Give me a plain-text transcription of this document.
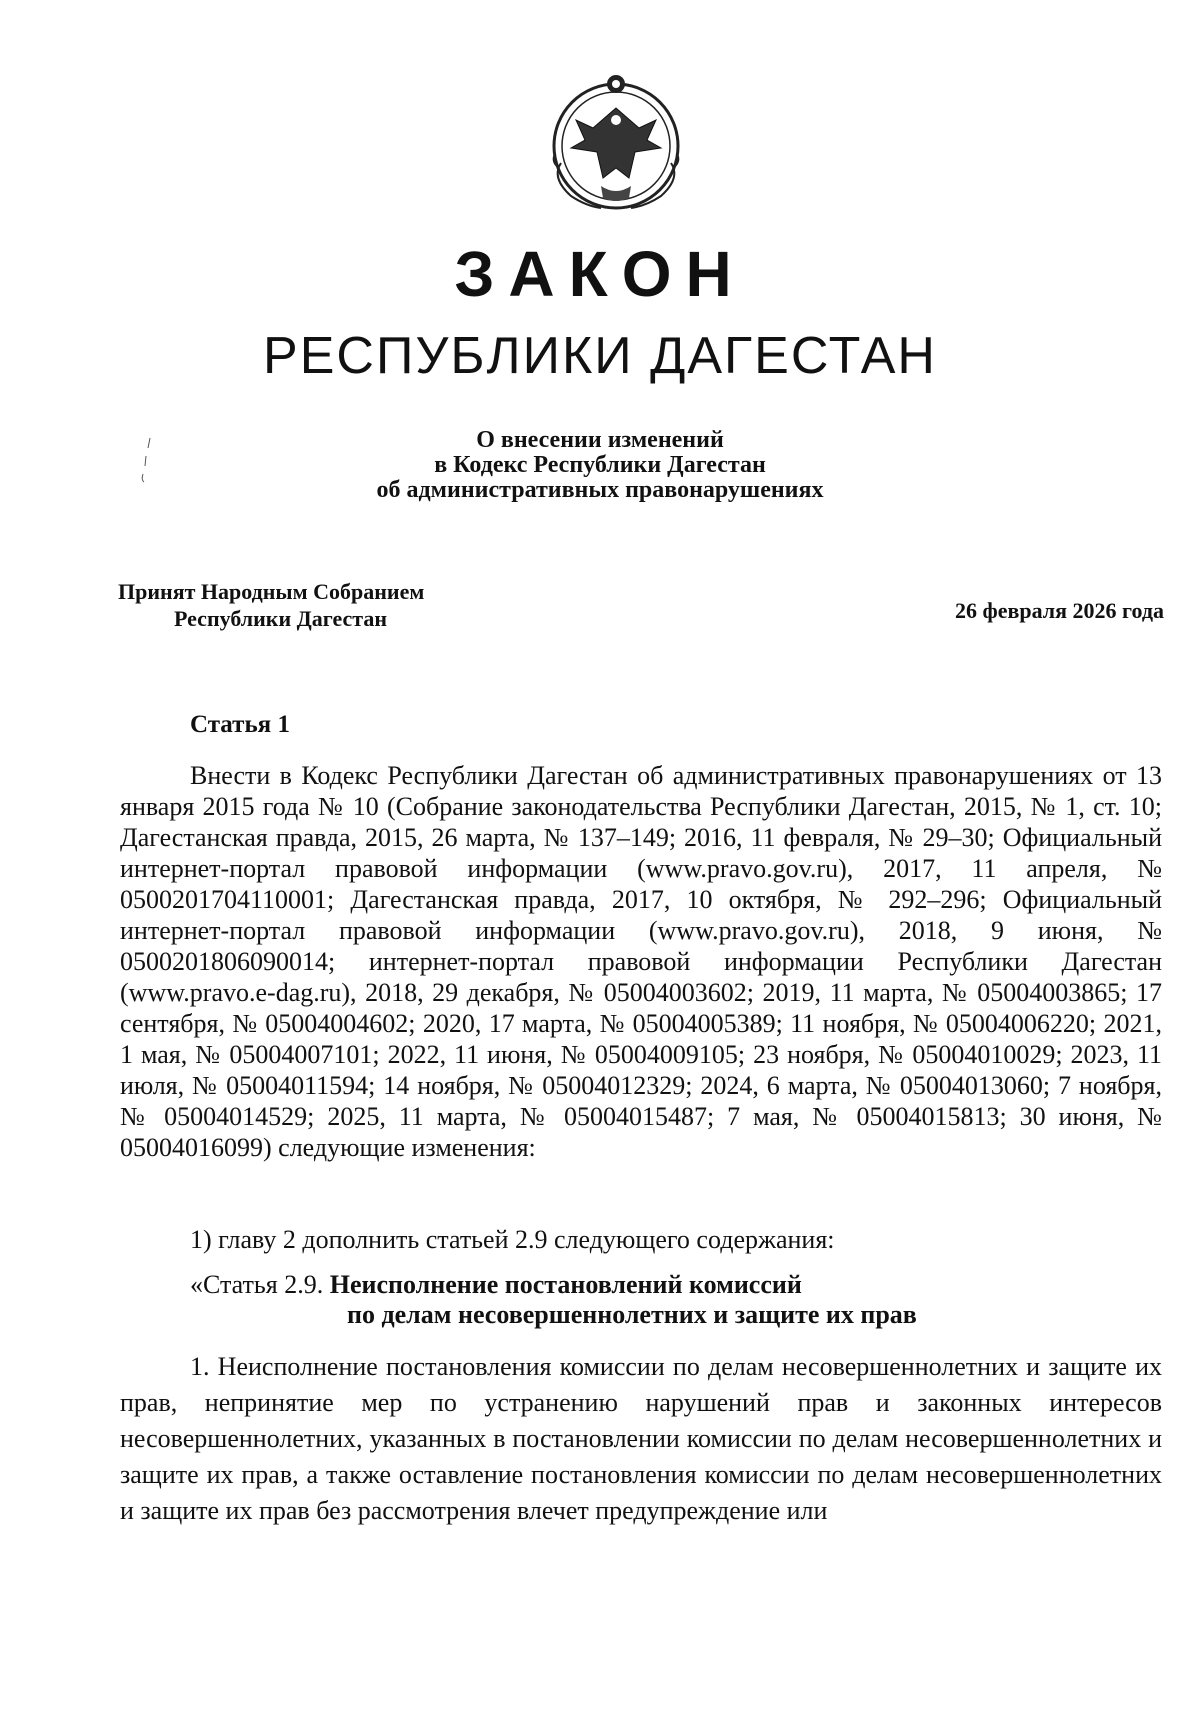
ЗАКОН
РЕСПУБЛИКИ ДАГЕСТАН
О внесении изменений
в Кодекс Республики Дагестан
об административных правонарушениях
Принят Народным Собранием
Республики Дагестан	26 февраля 2026 года
Статья 1

Внести в Кодекс Республики Дагестан об административных правонарушениях от 13 января 2015 года № 10 (Собрание законодательства Республики Дагестан, 2015, № 1, ст. 10; Дагестанская правда, 2015, 26 марта, № 137–149; 2016, 11 февраля, № 29–30; Официальный интернет-портал правовой информации (www.pravo.gov.ru), 2017, 11 апреля, № 0500201704110001; Дагестанская правда, 2017, 10 октября, № 292–296; Официальный интернет-портал правовой информации (www.pravo.gov.ru), 2018, 9 июня, № 0500201806090014; интернет-портал правовой информации Республики Дагестан (www.pravo.e-dag.ru), 2018, 29 декабря, № 05004003602; 2019, 11 марта, № 05004003865; 17 сентября, № 05004004602; 2020, 17 марта, № 05004005389; 11 ноября, № 05004006220; 2021, 1 мая, № 05004007101; 2022, 11 июня, № 05004009105; 23 ноября, № 05004010029; 2023, 11 июля, № 05004011594; 14 ноября, № 05004012329; 2024, 6 марта, № 05004013060; 7 ноября, № 05004014529; 2025, 11 марта, № 05004015487; 7 мая, № 05004015813; 30 июня, № 05004016099) следующие изменения:

1) главу 2 дополнить статьей 2.9 следующего содержания:
«Статья 2.9. Неисполнение постановлений комиссий
по делам несовершеннолетних и защите их прав

1. Неисполнение постановления комиссии по делам несовершеннолетних и защите их прав, непринятие мер по устранению нарушений прав и законных интересов несовершеннолетних, указанных в постановлении комиссии по делам несовершеннолетних и защите их прав, а также оставление постановления комиссии по делам несовершеннолетних и защите их прав без рассмотрения влечет предупреждение или
